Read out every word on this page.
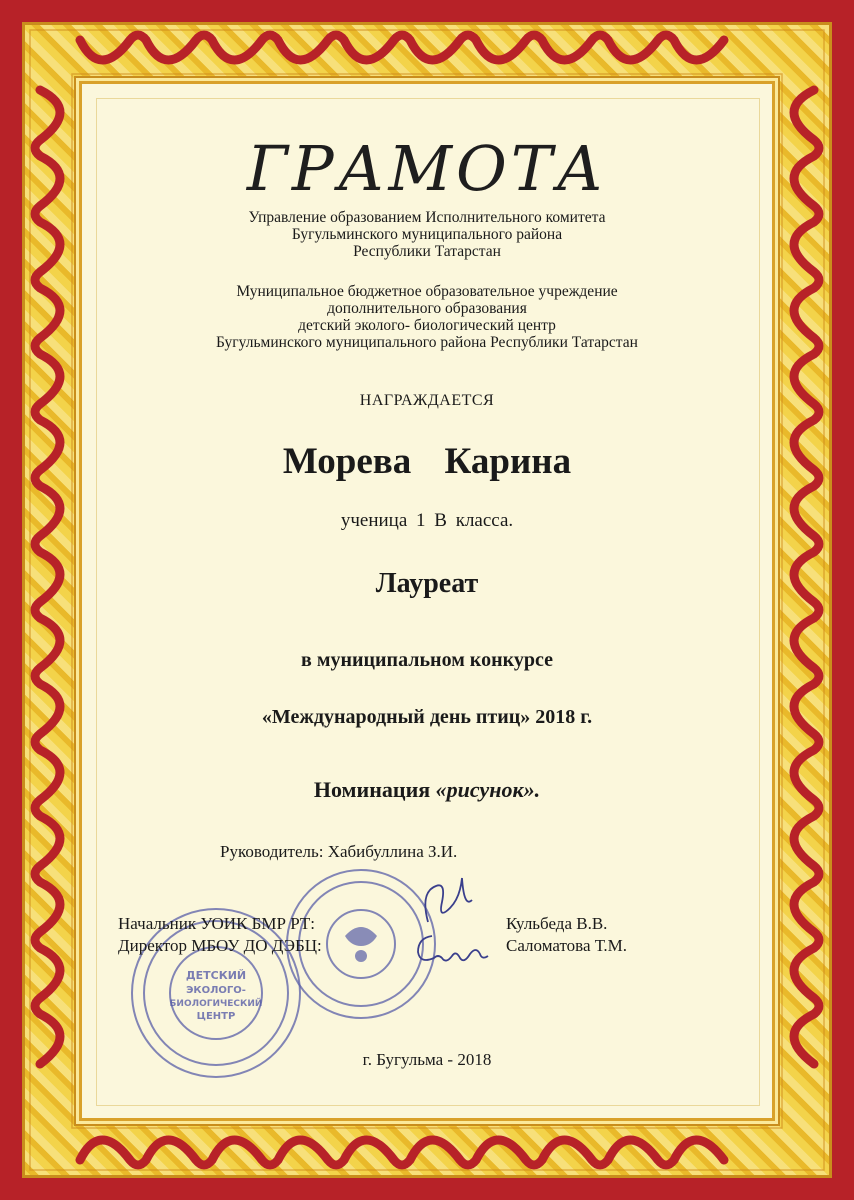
ГРАМОТА
Управление образованием Исполнительного комитета
Бугульминского муниципального района
Республики Татарстан
Муниципальное бюджетное образовательное учреждение
дополнительного образования
детский эколого- биологический центр
Бугульминского муниципального района Республики Татарстан
НАГРАЖДАЕТСЯ
Морева Карина
ученица 1 В класса.
Лауреат
в муниципальном конкурсе
«Международный день птиц» 2018 г.
Номинация «рисунок».
Руководитель: Хабибуллина З.И.
ДЕТСКИЙ
ЭКОЛОГО-
БИОЛОГИЧЕСКИЙ
ЦЕНТР
Начальник УОИК БМР РТ:	Кульбеда В.В.
Директор МБОУ ДО ДЭБЦ:	Саломатова Т.М.
г. Бугульма - 2018
